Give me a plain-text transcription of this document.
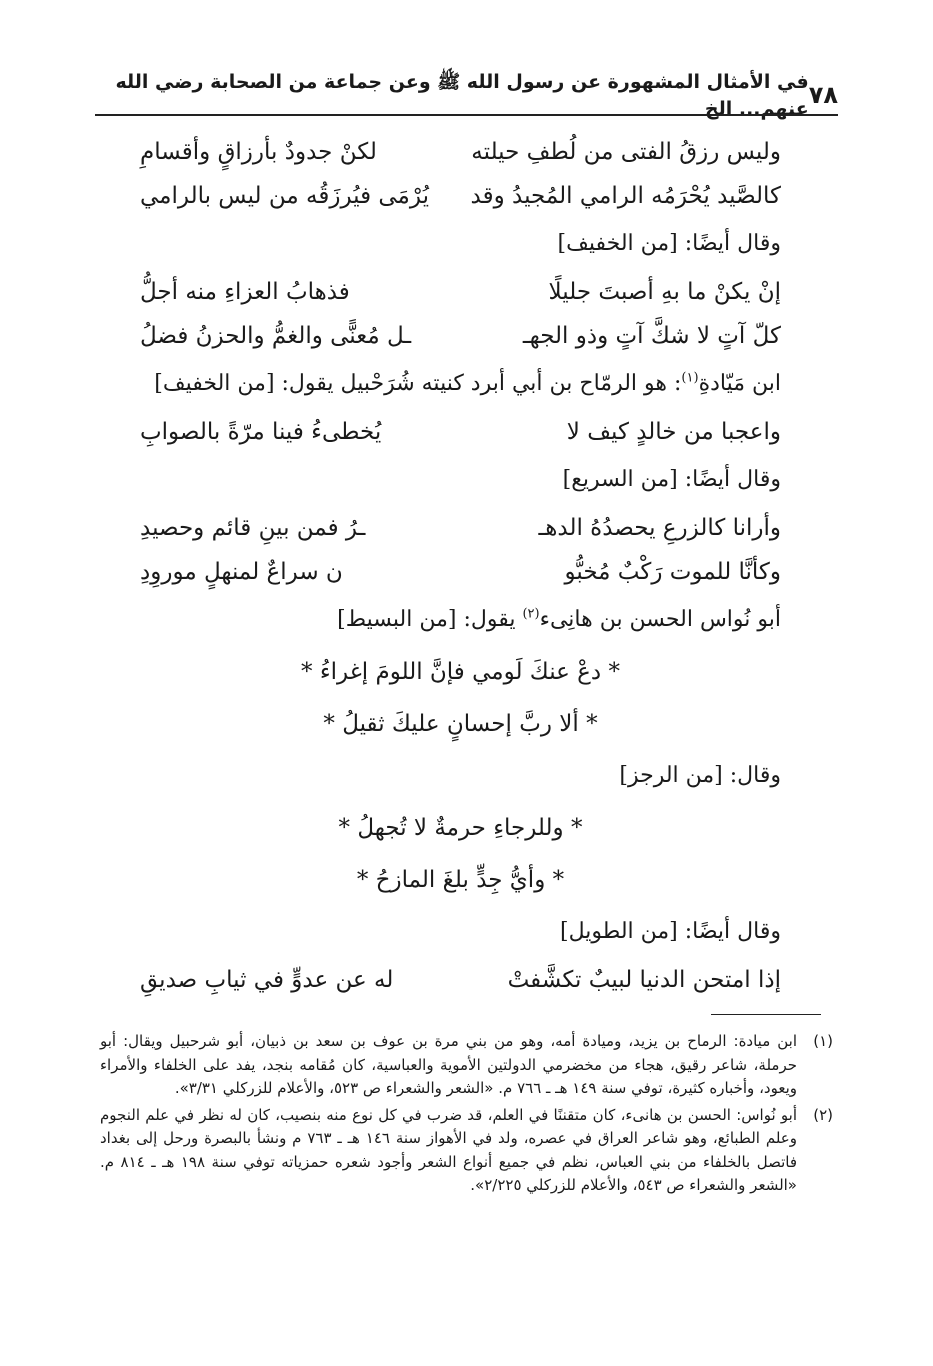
٧٨
في الأمثال المشهورة عن رسول الله ﷺ وعن جماعة من الصحابة رضي الله عنهم... الخ
وليس رزقُ الفتى من لُطفِ حيلته
لكنْ جدودٌ بأرزاقٍ وأقسامِ
كالصَّيد يُحْرَمُه الرامي المُجيدُ وقد
يُرْمَى فيُرزَقُه من ليس بالرامي
وقال أيضًا: [من الخفيف]
إنْ يكنْ ما بهِ أصبتَ جليلًا
فذهابُ العزاءِ منه أجلُّ
كلّ آتٍ لا شكَّ آتٍ وذو الجهـ
ـل مُعنًّى والغمُّ والحزنُ فضلُ
ابن مَيّادةِ$^{(١)}$: هو الرمّاح بن أبي أبرد كنيته شُرَحْبيل يقول: [من الخفيف]
واعجبا من خالدٍ كيف لا
يُخطىءُ فينا مرّةً بالصوابِ
وقال أيضًا: [من السريع]
وأرانا كالزرعِ يحصدُهُ الدهـ
ـرُ فمن بينِ قائم وحصيدِ
وكأنَّا للموت رَكْبٌ مُخبُّو
ن سراعٌ لمنهلٍ موروِدِ
أبو نُواس الحسن بن هانِىء$^{(٢)}$ يقول: [من البسيط]
* دعْ عنكَ لَومي فإنَّ اللومَ إغراءُ *
* ألا ربَّ إحسانٍ عليكَ ثقيلُ *
وقال: [من الرجز]
* وللرجاءِ حرمةٌ لا تُجهلُ *
* وأيُّ جِدٍّ بلغَ المازحُ *
وقال أيضًا: [من الطويل]
إذا امتحن الدنيا لبيبٌ تكشَّفتْ
له عن عدوٍّ في ثيابِ صديقِ
(١)
ابن ميادة: الرماح بن يزيد، وميادة أمه، وهو من بني مرة بن عوف بن سعد بن ذبيان، أبو شرحبيل ويقال: أبو حرملة، شاعر رقيق، هجاء من مخضرمي الدولتين الأموية والعباسية، كان مُقامه بنجد، يفد على الخلفاء والأمراء ويعود، وأخباره كثيرة، توفي سنة ١٤٩ هـ ـ ٧٦٦ م. «الشعر والشعراء ص ٥٢٣، والأعلام للزركلي ٣/٣١».
(٢)
أبو نُواس: الحسن بن هانىء، كان متقننًا في العلم، قد ضرب في كل نوع منه بنصيب، كان له نظر في علم النجوم وعلم الطبائع، وهو شاعر العراق في عصره، ولد في الأهواز سنة ١٤٦ هـ ـ ٧٦٣ م ونشأ بالبصرة ورحل إلى بغداد فاتصل بالخلفاء من بني العباس، نظم في جميع أنواع الشعر وأجود شعره حمزياته توفي سنة ١٩٨ هـ ـ ٨١٤ م. «الشعر والشعراء ص ٥٤٣، والأعلام للزركلي ٢/٢٢٥».
